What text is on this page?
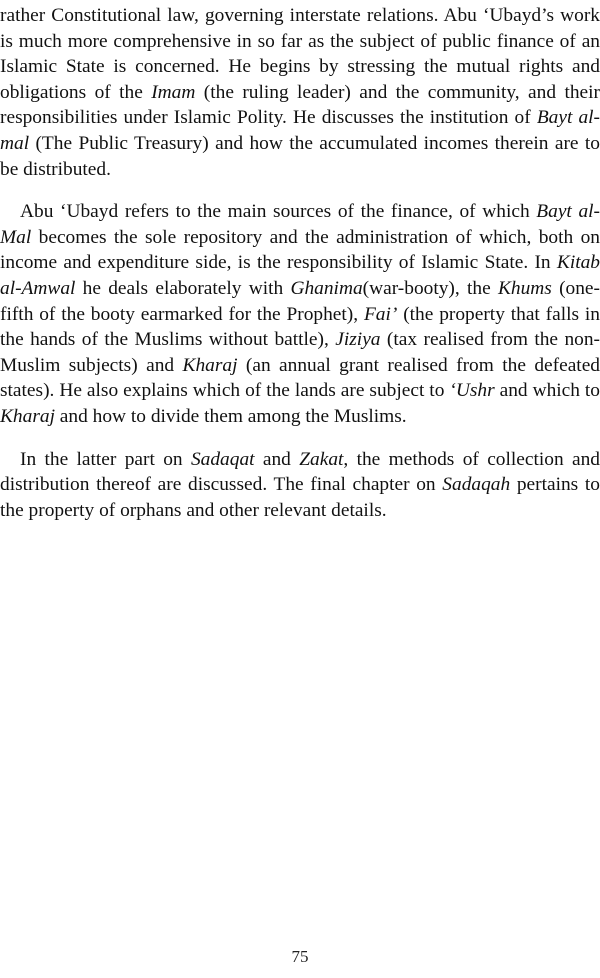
rather Constitutional law, governing interstate relations. Abu ‘Ubayd’s work is much more comprehensive in so far as the subject of public finance of an Islamic State is concerned. He begins by stressing the mutual rights and obligations of the Imam (the ruling leader) and the community, and their responsibilities under Islamic Polity. He discusses the institution of Bayt al-mal (The Public Treasury) and how the accumulated incomes therein are to be distributed.

Abu ‘Ubayd refers to the main sources of the finance, of which Bayt al-Mal becomes the sole repository and the administration of which, both on income and expenditure side, is the responsibility of Islamic State. In Kitab al-Amwal he deals elaborately with Ghanima(war-booty), the Khums (one-fifth of the booty earmarked for the Prophet), Fai’ (the property that falls in the hands of the Muslims without battle), Jiziya (tax realised from the non-Muslim subjects) and Kharaj (an annual grant realised from the defeated states). He also explains which of the lands are subject to ‘Ushr and which to Kharaj and how to divide them among the Muslims.

In the latter part on Sadaqat and Zakat, the methods of collection and distribution thereof are discussed. The final chapter on Sadaqah pertains to the property of orphans and other relevant details.

75
